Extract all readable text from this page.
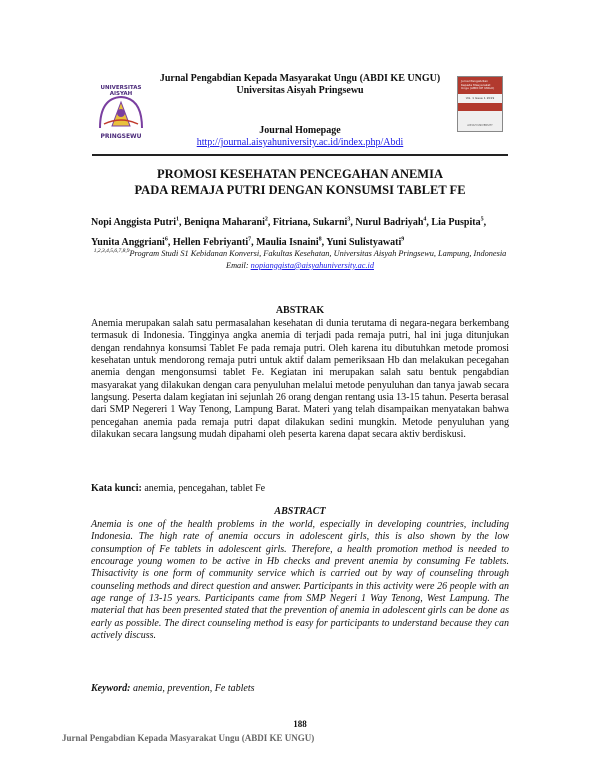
UNIVERSITAS
AISYAH
PRINGSEWU
Jurnal Pengabdian Kepada Masyarakat Ungu (ABDI KE UNGU)
Vol. 1 Issue 1 2019
AISYAH UNIVERSITY
Jurnal Pengabdian Kepada Masyarakat Ungu (ABDI KE UNGU)
Universitas Aisyah Pringsewu
Journal Homepage
http://journal.aisyahuniversity.ac.id/index.php/Abdi
PROMOSI KESEHATAN PENCEGAHAN ANEMIA
PADA REMAJA PUTRI DENGAN KONSUMSI TABLET FE
Nopi Anggista Putri$^1$, Beniqna Maharani$^2$, Fitriana, Sukarni$^3$, Nurul Badriyah$^4$, Lia Puspita$^5$, Yunita Anggriani$^6$, Hellen Febriyanti$^7$, Maulia Isnaini$^8$, Yuni Sulistyawati$^9$
$^{1,2,3,4,5,6,7,8,9}$Program Studi S1 Kebidanan Konversi, Fakultas Kesehatan, Universitas Aisyah Pringsewu, Lampung, Indonesia
Email: nopianggista@aisyahuniversity.ac.id
ABSTRAK
Anemia merupakan salah satu permasalahan kesehatan di dunia terutama di negara-negara berkembang termasuk di Indonesia. Tingginya angka anemia di terjadi pada remaja putri, hal ini juga ditunjukan dengan rendahnya konsumsi Tablet Fe pada remaja putri. Oleh karena itu dibutuhkan metode promosi kesehatan untuk mendorong remaja putri untuk aktif dalam pemeriksaan Hb dan melakukan pecegahan anemia dengan mengonsumsi tablet Fe. Kegiatan ini merupakan salah satu bentuk pengabdian masyarakat yang dilakukan dengan cara penyuluhan melalui metode penyuluhan dan tanya jawab secara langsung. Peserta dalam kegiatan ini sejunlah 26 orang dengan rentang usia 13-15 tahun. Peserta berasal dari SMP Negereri 1 Way Tenong, Lampung Barat. Materi yang telah disampaikan menyatakan bahwa pencegahan anemia pada remaja putri dapat dilakukan sedini mungkin. Metode penyuluhan yang dilakukan secara langsung mudah dipahami oleh peserta karena dapat secara aktiv berdiskusi.
Kata kunci: anemia, pencegahan, tablet Fe
ABSTRACT
Anemia is one of the health problems in the world, especially in developing countries, including Indonesia. The high rate of anemia occurs in adolescent girls, this is also shown by the low consumption of Fe tablets in adolescent girls. Therefore, a health promotion method is needed to encourage young women to be active in Hb checks and prevent anemia by consuming Fe tablets. Thisactivity is one form of community service which is carried out by way of counseling through counseling methods and direct question and answer. Participants in this activity were 26 people with an age range of 13-15 years. Participants came from SMP Negeri 1 Way Tenong, West Lampung. The material that has been presented stated that the prevention of anemia in adolescent girls can be done as early as possible. The direct counseling method is easy for participants to understand because they can actively discuss.
Keyword: anemia, prevention, Fe tablets
188
Jurnal Pengabdian Kepada Masyarakat Ungu (ABDI KE UNGU)
